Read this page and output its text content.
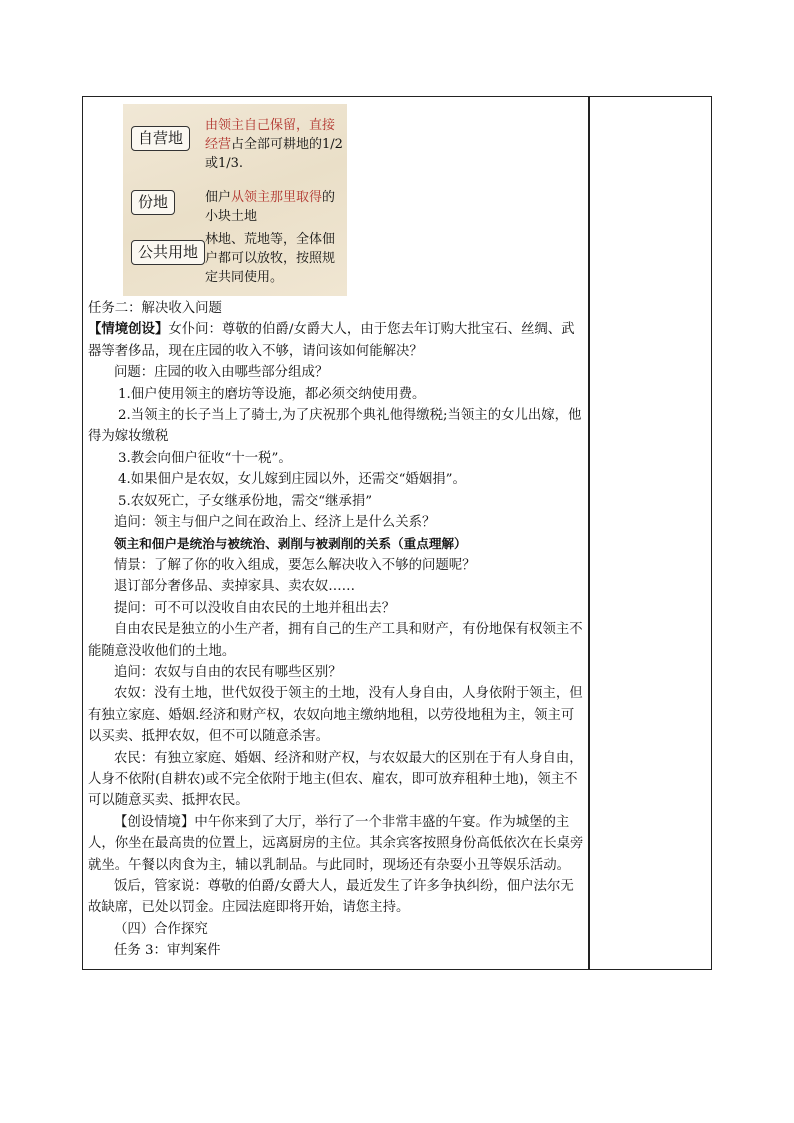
自营地
由领主自己保留，直接经营占全部可耕地的1/2或1/3.
份地	佃户从领主那里取得的小块土地
公共用地
林地、荒地等，全体佃户都可以放牧，按照规定共同使用。

任务二：解决收入问题

【情境创设】女仆问：尊敬的伯爵/女爵大人，由于您去年订购大批宝石、丝绸、武器等奢侈品，现在庄园的收入不够，请问该如何能解决？

问题：庄园的收入由哪些部分组成？

1.佃户使用领主的磨坊等设施，都必须交纳使用费。

2.当领主的长子当上了骑士,为了庆祝那个典礼他得缴税;当领主的女儿出嫁，他得为嫁妆缴税

3.教会向佃户征收“十一税”。

4.如果佃户是农奴，女儿嫁到庄园以外，还需交“婚姻捐”。

5.农奴死亡，子女继承份地，需交“继承捐”

追问：领主与佃户之间在政治上、经济上是什么关系？

领主和佃户是统治与被统治、剥削与被剥削的关系（重点理解）

情景：了解了你的收入组成，要怎么解决收入不够的问题呢？

退订部分奢侈品、卖掉家具、卖农奴……

提问：可不可以没收自由农民的土地并租出去？

自由农民是独立的小生产者，拥有自己的生产工具和财产，有份地保有权领主不能随意没收他们的土地。

追问：农奴与自由的农民有哪些区别？

农奴：没有土地，世代奴役于领主的土地，没有人身自由，人身依附于领主，但有独立家庭、婚姻.经济和财产权，农奴向地主缴纳地租，以劳役地租为主，领主可以买卖、抵押农奴，但不可以随意杀害。

农民：有独立家庭、婚姻、经济和财产权，与农奴最大的区别在于有人身自由，人身不依附(自耕农)或不完全依附于地主(但农、雇农，即可放弃租种土地)，领主不可以随意买卖、抵押农民。

【创设情境】中午你来到了大厅，举行了一个非常丰盛的午宴。作为城堡的主人，你坐在最高贵的位置上，远离厨房的主位。其余宾客按照身份高低依次在长桌旁就坐。午餐以肉食为主，辅以乳制品。与此同时，现场还有杂耍小丑等娱乐活动。

饭后，管家说：尊敬的伯爵/女爵大人，最近发生了许多争执纠纷，佃户法尔无故缺席，已处以罚金。庄园法庭即将开始，请您主持。

（四）合作探究

任务 3：审判案件
